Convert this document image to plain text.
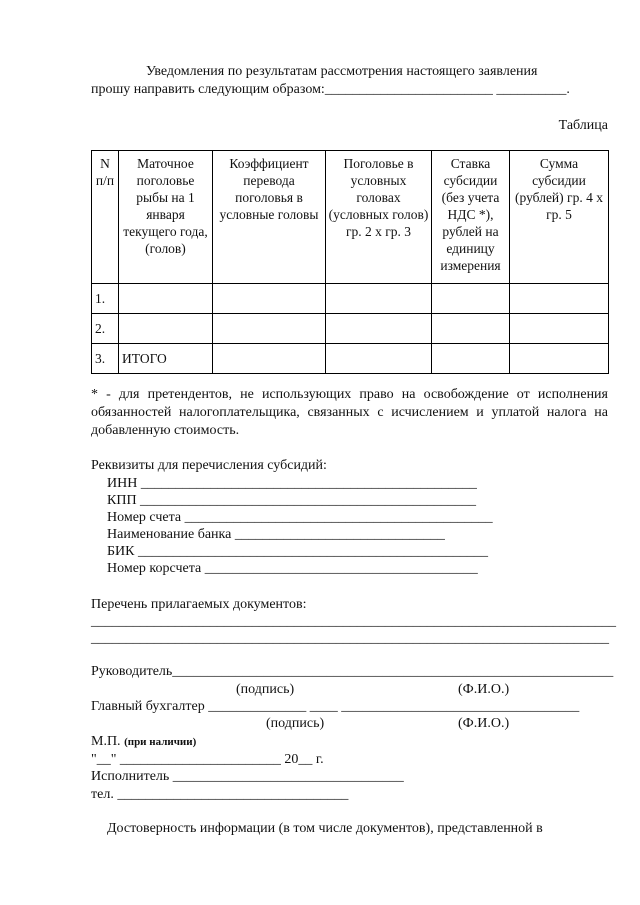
Уведомления по результатам рассмотрения настоящего заявления
прошу направить следующим образом:________________________ __________.
Таблица
N п/п	Маточное поголовье рыбы на 1 января текущего года, (голов)	Коэффициент перевода поголовья в условные головы	Поголовье в условных головах (условных голов) гр. 2 х гр. 3	Ставка субсидии (без учета НДС *), рублей на единицу измерения	Сумма субсидии (рублей) гр. 4 х гр. 5
1.					
2.					
3.	ИТОГО				
* - для претендентов, не использующих право на освобождение от исполнения обязанностей налогоплательщика, связанных с исчислением и уплатой налога на добавленную стоимость.
Реквизиты для перечисления субсидий:
ИНН ________________________________________________
КПП ________________________________________________
Номер счета ____________________________________________
Наименование банка ______________________________
БИК __________________________________________________
Номер корсчета _______________________________________
Перечень прилагаемых документов:
___________________________________________________________________________
__________________________________________________________________________
Руководитель_______________________________________________________________
(подпись)	(Ф.И.О.)
Главный бухгалтер ______________ ____ __________________________________
(подпись)	(Ф.И.О.)
М.П. (при наличии)
"__" _______________________ 20__ г.
Исполнитель _________________________________
тел. _________________________________
Достоверность информации (в том числе документов), представленной в
